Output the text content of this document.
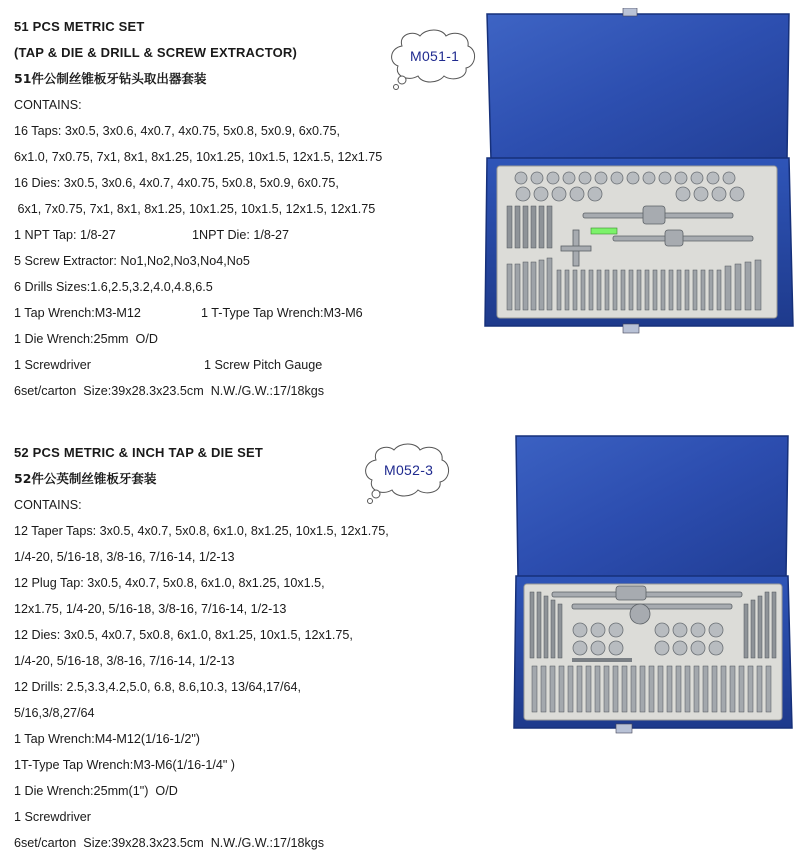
51 PCS METRIC SET
(TAP & DIE & DRILL & SCREW EXTRACTOR)
51件公制丝锥板牙钻头取出器套装
CONTAINS:
16 Taps: 3x0.5, 3x0.6, 4x0.7, 4x0.75, 5x0.8, 5x0.9, 6x0.75,
6x1.0, 7x0.75, 7x1, 8x1, 8x1.25, 10x1.25, 10x1.5, 12x1.5, 12x1.75
16 Dies: 3x0.5, 3x0.6, 4x0.7, 4x0.75, 5x0.8, 5x0.9, 6x0.75,
6x1, 7x0.75, 7x1, 8x1, 8x1.25, 10x1.25, 10x1.5, 12x1.5, 12x1.75
1 NPT Tap: 1/8-27	1NPT Die: 1/8-27
5 Screw Extractor: No1,No2,No3,No4,No5
6 Drills Sizes:1.6,2.5,3.2,4.0,4.8,6.5
1 Tap Wrench:M3-M12	1 T-Type Tap Wrench:M3-M6
1 Die Wrench:25mm  O/D
1 Screwdriver	1 Screw Pitch Gauge
6set/carton  Size:39x28.3x23.5cm  N.W./G.W.:17/18kgs
M051-1
52 PCS METRIC & INCH TAP & DIE SET
52件公英制丝锥板牙套装
CONTAINS:
12 Taper Taps: 3x0.5, 4x0.7, 5x0.8, 6x1.0, 8x1.25, 10x1.5, 12x1.75,
1/4-20, 5/16-18, 3/8-16, 7/16-14, 1/2-13
12 Plug Tap: 3x0.5, 4x0.7, 5x0.8, 6x1.0, 8x1.25, 10x1.5,
12x1.75, 1/4-20, 5/16-18, 3/8-16, 7/16-14, 1/2-13
12 Dies: 3x0.5, 4x0.7, 5x0.8, 6x1.0, 8x1.25, 10x1.5, 12x1.75,
1/4-20, 5/16-18, 3/8-16, 7/16-14, 1/2-13
12 Drills: 2.5,3.3,4.2,5.0, 6.8, 8.6,10.3, 13/64,17/64,
5/16,3/8,27/64
1 Tap Wrench:M4-M12(1/16-1/2")
1T-Type Tap Wrench:M3-M6(1/16-1/4" )
1 Die Wrench:25mm(1")  O/D
1 Screwdriver
6set/carton  Size:39x28.3x23.5cm  N.W./G.W.:17/18kgs
M052-3
